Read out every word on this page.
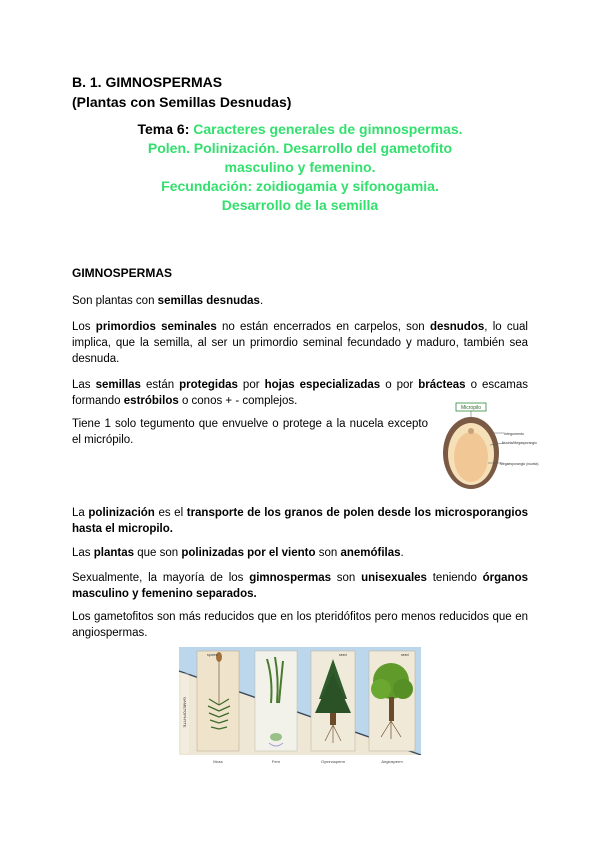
B. 1. GIMNOSPERMAS
(Plantas con Semillas Desnudas)
Tema 6: Caracteres generales de gimnospermas.
Polen. Polinización. Desarrollo del gametofito
masculino y femenino.
Fecundación: zoidiogamia y sifonogamia.
Desarrollo de la semilla
GIMNOSPERMAS
Son plantas con semillas desnudas.
Los primordios seminales no están encerrados en carpelos, son desnudos, lo cual implica, que la semilla, al ser un primordio seminal fecundado y maduro, también sea desnuda.
Las semillas están protegidas por hojas especializadas o por brácteas o escamas formando estróbilos o conos + - complejos.
Tiene 1 solo tegumento que envuelve o protege a la nucela excepto el micrópilo.
Micropilo
Integumento
Nucela/Megasporangio
Megaesporangio (nucela)
La polinización es el transporte de los granos de polen desde los microsporangios hasta el micropilo.
Las plantas que son polinizadas por el viento son anemófilas.
Sexualmente, la mayoría de los gimnospermas son unisexuales teniendo órganos masculino y femenino separados.
Los gametofitos son más reducidos que en los pteridófitos pero menos reducidos que en angiospermas.
GAMETOPHYTE
spores	seed	seed
Moss	Fern	Gymnosperm	Angiosperm
